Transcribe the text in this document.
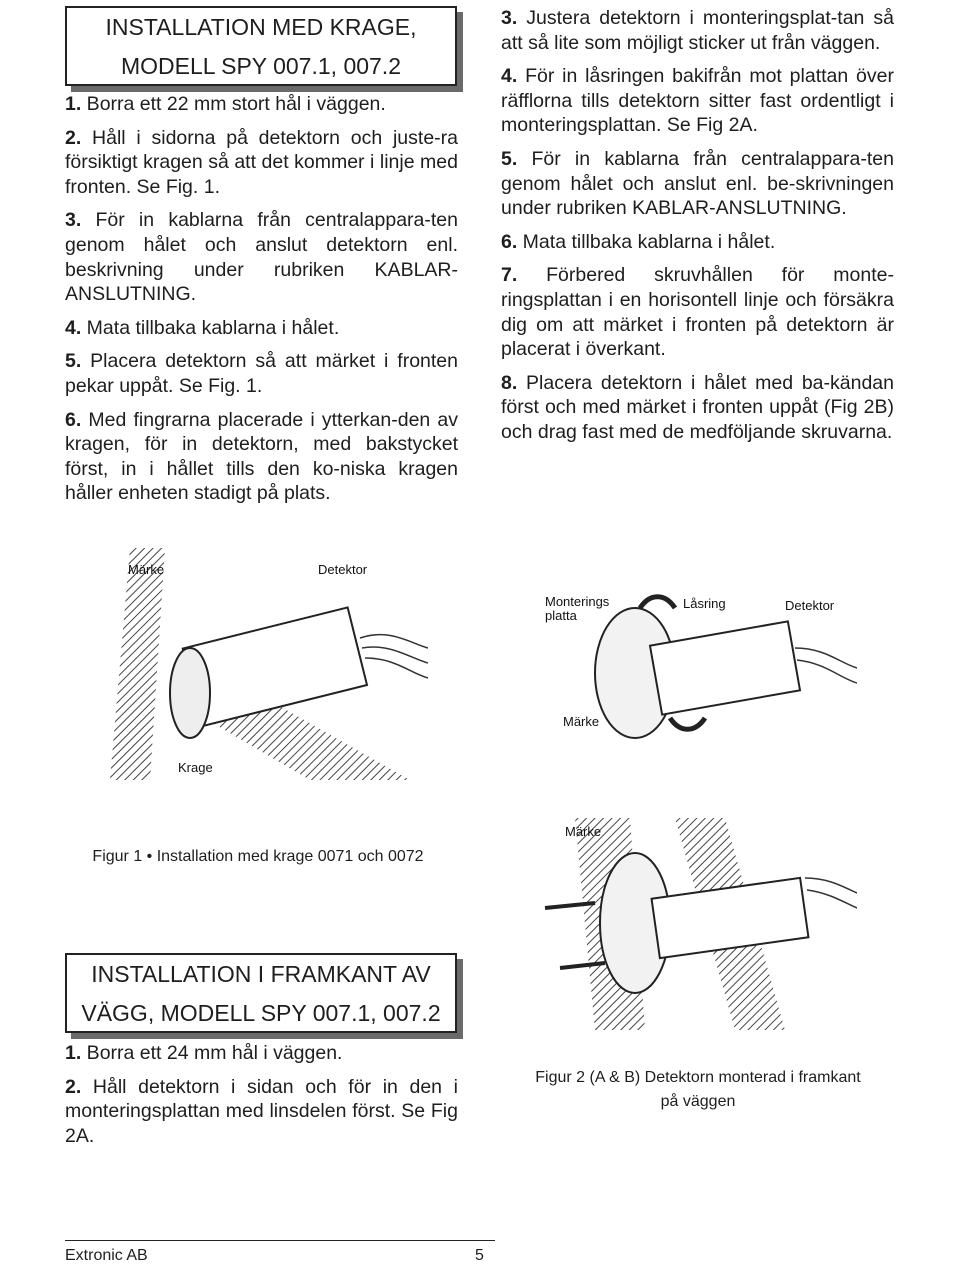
INSTALLATION MED KRAGE,
MODELL SPY 007.1, 007.2

1. Borra ett 22 mm stort hål i väggen.

2. Håll i sidorna på detektorn och juste-ra försiktigt kragen så att det kommer i linje med fronten. Se Fig. 1.

3. För in kablarna från centralappara-ten genom hålet och anslut detektorn enl. beskrivning under rubriken KABLAR-ANSLUTNING.

4. Mata tillbaka kablarna i hålet.

5. Placera detektorn så att märket i fronten pekar uppåt. Se Fig. 1.

6. Med fingrarna placerade i ytterkan-den av kragen, för in detektorn, med bakstycket först, in i hållet tills den ko-niska kragen håller enheten stadigt på plats.

3. Justera detektorn i monteringsplat-tan så att så lite som möjligt sticker ut från väggen.

4. För in låsringen bakifrån mot plattan över räfflorna tills detektorn sitter fast ordentligt i monteringsplattan. Se Fig 2A.

5. För in kablarna från centralappara-ten genom hålet och anslut enl. be-skrivningen under rubriken KABLAR-ANSLUTNING.

6. Mata tillbaka kablarna i hålet.

7. Förbered skruvhållen för monte-ringsplattan i en horisontell linje och försäkra dig om att märket i fronten på detektorn är placerat i överkant.

8. Placera detektorn i hålet med ba-kändan först och med märket i fronten uppåt (Fig 2B) och drag fast med de medföljande skruvarna.

Märke	Detektor
Krage
Figur 1 • Installation med krage 0071 och 0072
Monterings
platta
Låsring	Detektor
Märke
Märke
Figur 2 (A & B) Detektorn monterad i framkant
på väggen
INSTALLATION I FRAMKANT AV
VÄGG, MODELL SPY 007.1, 007.2

1. Borra ett 24 mm hål i väggen.

2. Håll detektorn i sidan och för in den i monteringsplattan med linsdelen först. Se Fig 2A.

Extronic AB	5
